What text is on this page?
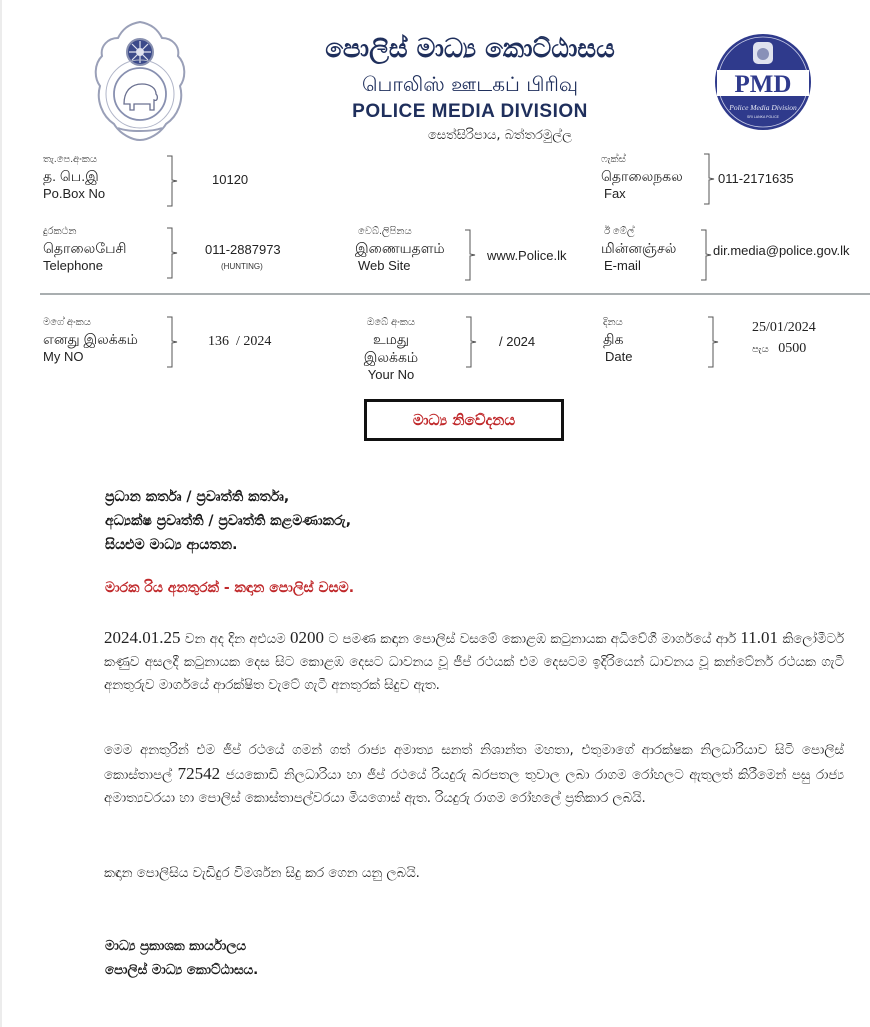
පොලිස් මාධ්‍ය කොට්ඨාසය
பொலிஸ் ஊடகப் பிரிவு
POLICE MEDIA DIVISION
සෙත්සිරිපාය, බත්තරමුල්ල
PMD
Police Media Division
SRI LANKA POLICE
තැ.පෙ.අංකය
த. பெ.இ
Po.Box No
10120
ෆැක්ස්
தொலைநகல
Fax
011-2171635
දුරකථන
தொலைபேசி
Telephone
011-2887973
(HUNTING)
වෙබ්.ලිපිනය
இணையதளம்
Web Site
www.Police.lk
ඊ මේල්
மின்னஞ்சல்
E-mail
dir.media@police.gov.lk
මගේ අංකය
எனது இலக்கம்
My NO
136  / 2024
ඔබේ අංකය
உமது இலக்கம்
Your No
/ 2024
දිනය
திக
Date
25/01/2024
පැය 0500
මාධ්‍ය නිවේදනය
ප්‍රධාන කර්තෘ / ප්‍රවෘත්ති කර්තෘ,
අධ්‍යක්ෂ ප්‍රවෘත්ති / ප්‍රවෘත්ති කළමණාකරු,
සියළුම මාධ්‍ය ආයතන.
මාරක රිය අනතුරක් - කඳාන පොලිස් වසම.
2024.01.25 වන අද දින අළුයම 0200 ට පමණ කඳාන පොලිස් වසමේ කොළඹ කටුනායක අධිවේගී මාර්ගයේ ආර් 11.01 කිලෝමීටර් කණුව අසලදී කටුනායක දෙස සිට කොළඹ දෙසට ධාවනය වූ ජීප් රථයක් එම දෙසටම ඉදිරියෙන් ධාවනය වූ කන්ටේනර් රථයක ගැටී අනතුරුව මාර්ගයේ ආරක්ෂිත වැටේ ගැටී අනතුරක් සිදුව ඇත.
මෙම අනතුරින් එම ජීප් රථයේ ගමන් ගත් රාජ්‍ය අමාත්‍ය සනත් නිශාන්ත මහතා, එතුමාගේ ආරක්ෂක නිලධාරියාව සිටි පොලිස් කොස්තාපල් 72542 ජයකොඩි නිලධාරියා හා ජීප් රථයේ රියදුරු බරපතල තුවාල ලබා රාගම රෝහලට ඇතුලත් කිරීමෙන් පසු රාජ්‍ය අමාත්‍යවරයා හා පොලිස් කොස්තාපල්වරයා මියගොස් ඇත. රියදුරු රාගම රෝහලේ ප්‍රතිකාර ලබයි.
කඳාන පොලිසිය වැඩිදුර විමර්ශන සිදු කර ගෙන යනු ලබයි.
මාධ්‍ය ප්‍රකාශක කාර්යාලය
පොලිස් මාධ්‍ය කොට්ඨාසය.
